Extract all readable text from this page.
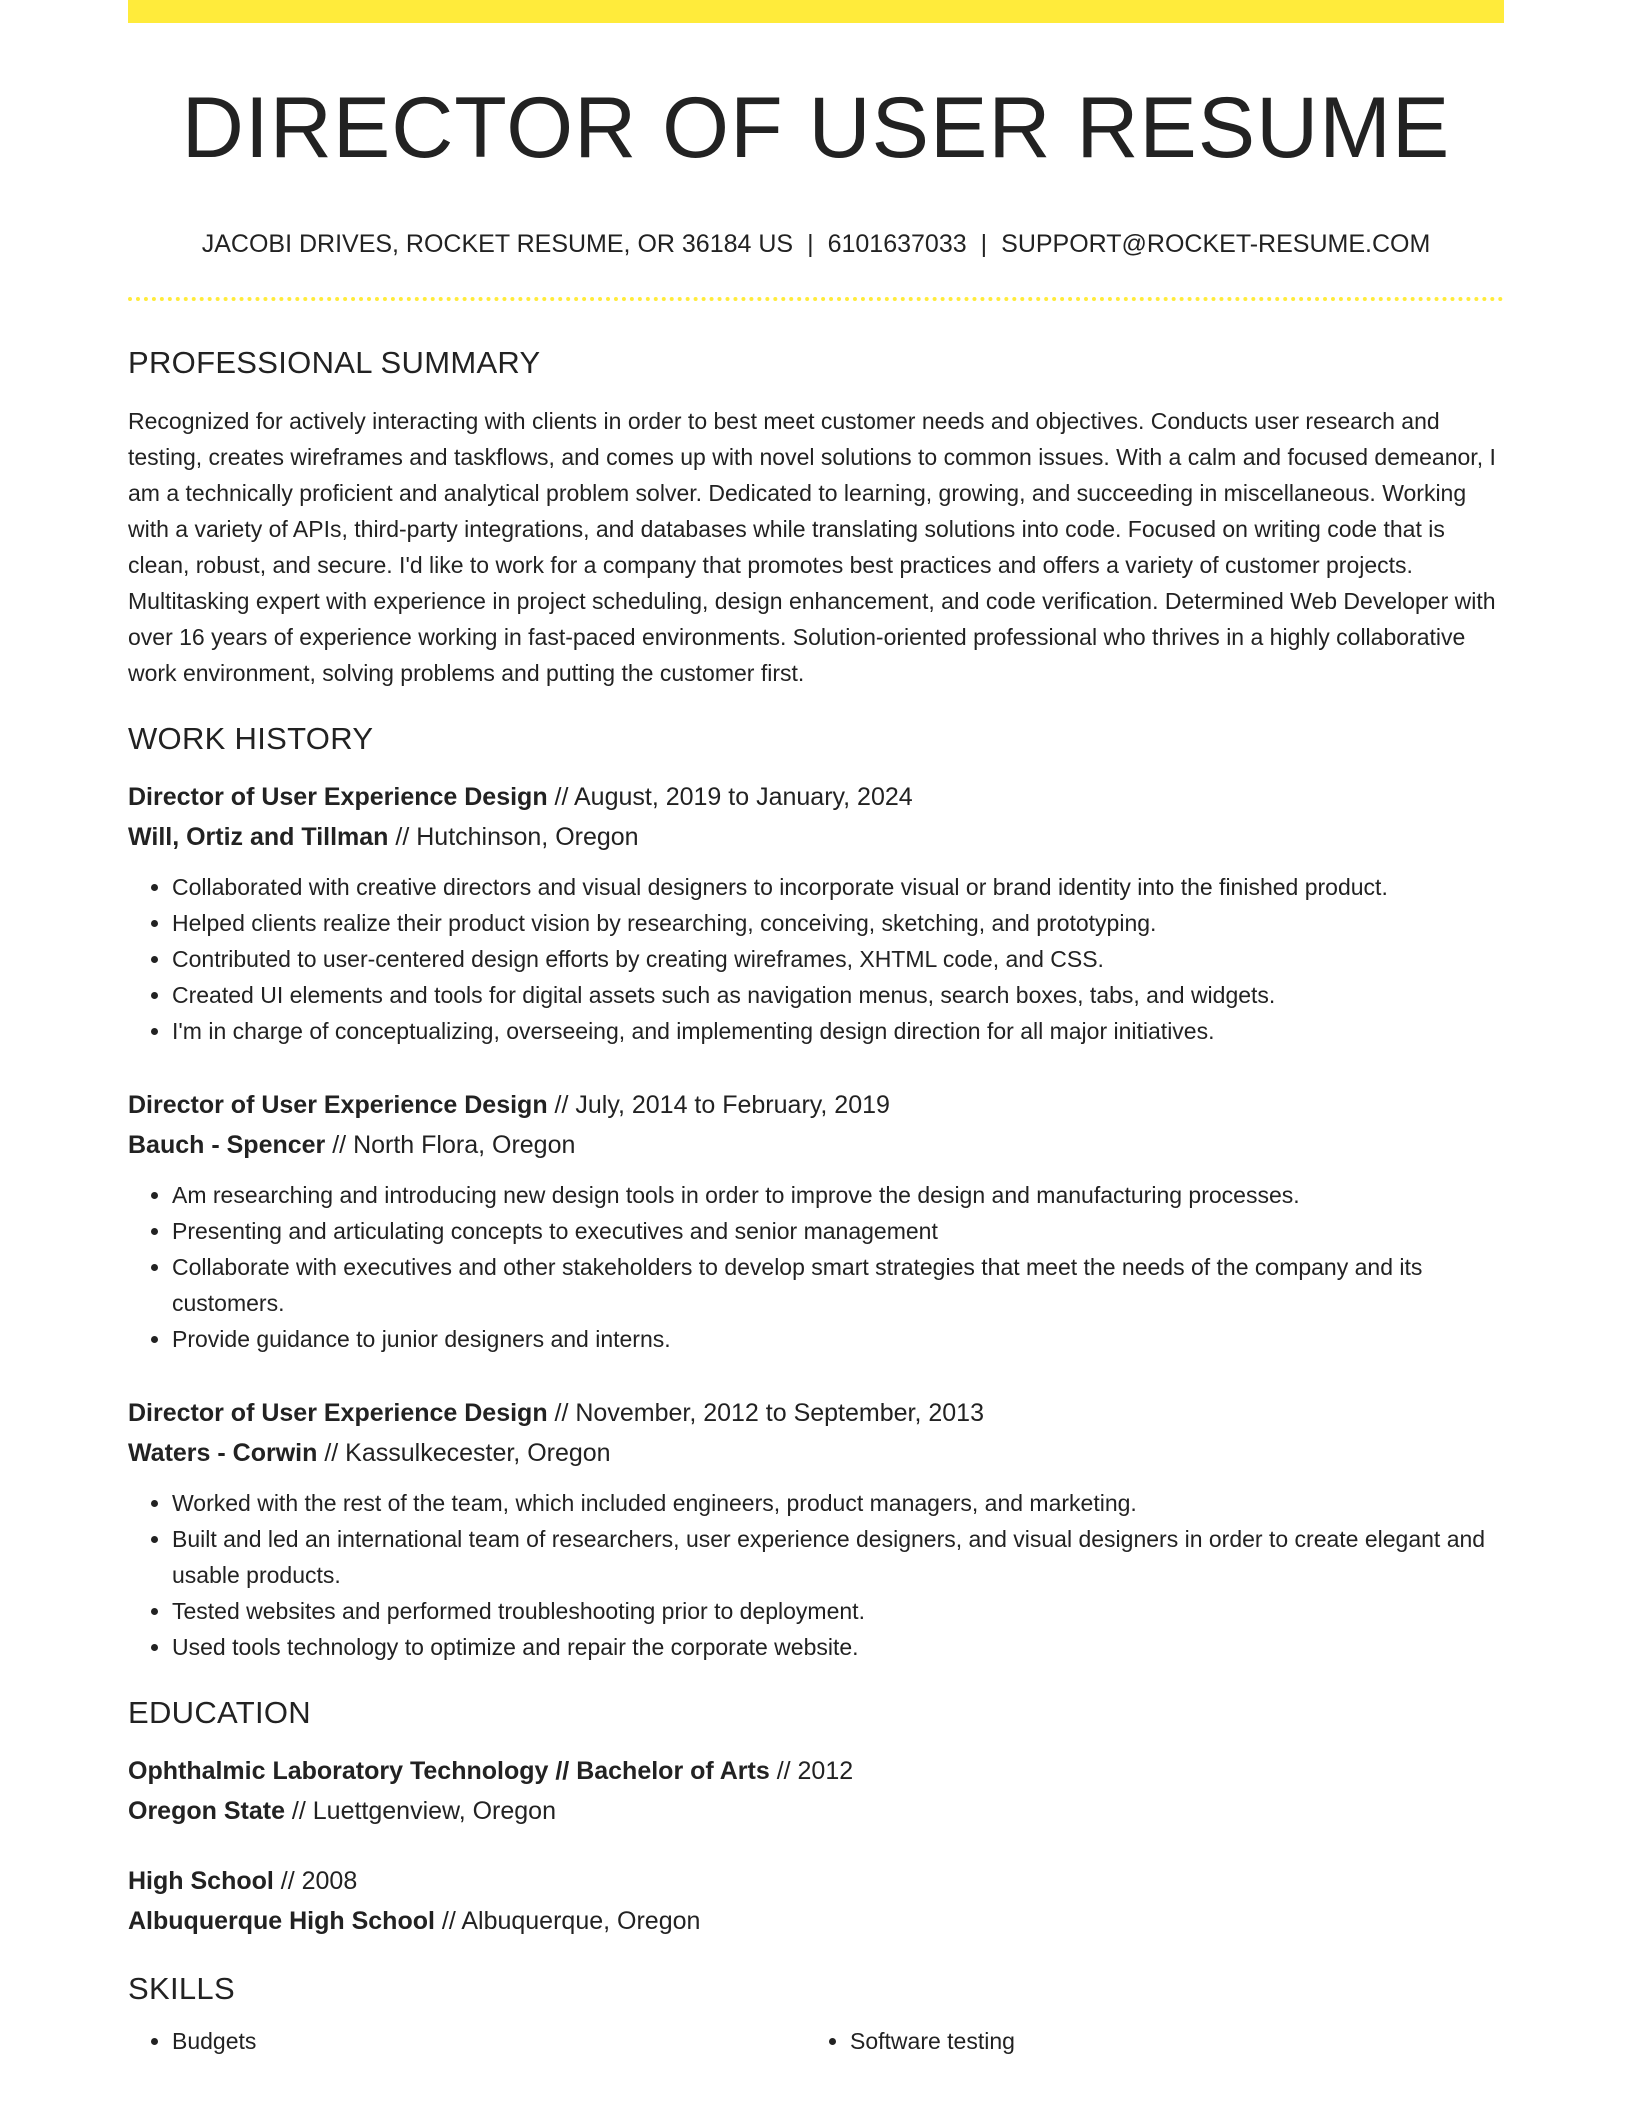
DIRECTOR OF USER RESUME
JACOBI DRIVES, ROCKET RESUME, OR 36184 US | 6101637033 | SUPPORT@ROCKET-RESUME.COM
PROFESSIONAL SUMMARY
Recognized for actively interacting with clients in order to best meet customer needs and objectives. Conducts user research and testing, creates wireframes and taskflows, and comes up with novel solutions to common issues. With a calm and focused demeanor, I am a technically proficient and analytical problem solver. Dedicated to learning, growing, and succeeding in miscellaneous. Working with a variety of APIs, third-party integrations, and databases while translating solutions into code. Focused on writing code that is clean, robust, and secure. I'd like to work for a company that promotes best practices and offers a variety of customer projects. Multitasking expert with experience in project scheduling, design enhancement, and code verification. Determined Web Developer with over 16 years of experience working in fast-paced environments. Solution-oriented professional who thrives in a highly collaborative work environment, solving problems and putting the customer first.
WORK HISTORY
Director of User Experience Design // August, 2019 to January, 2024
Will, Ortiz and Tillman // Hutchinson, Oregon
• Collaborated with creative directors and visual designers to incorporate visual or brand identity into the finished product.
• Helped clients realize their product vision by researching, conceiving, sketching, and prototyping.
• Contributed to user-centered design efforts by creating wireframes, XHTML code, and CSS.
• Created UI elements and tools for digital assets such as navigation menus, search boxes, tabs, and widgets.
• I'm in charge of conceptualizing, overseeing, and implementing design direction for all major initiatives.
Director of User Experience Design // July, 2014 to February, 2019
Bauch - Spencer // North Flora, Oregon
• Am researching and introducing new design tools in order to improve the design and manufacturing processes.
• Presenting and articulating concepts to executives and senior management
• Collaborate with executives and other stakeholders to develop smart strategies that meet the needs of the company and its customers.
• Provide guidance to junior designers and interns.
Director of User Experience Design // November, 2012 to September, 2013
Waters - Corwin // Kassulkecester, Oregon
• Worked with the rest of the team, which included engineers, product managers, and marketing.
• Built and led an international team of researchers, user experience designers, and visual designers in order to create elegant and usable products.
• Tested websites and performed troubleshooting prior to deployment.
• Used tools technology to optimize and repair the corporate website.
EDUCATION
Ophthalmic Laboratory Technology // Bachelor of Arts // 2012
Oregon State // Luettgenview, Oregon
High School // 2008
Albuquerque High School // Albuquerque, Oregon
SKILLS
• Budgets
•	Software testing
